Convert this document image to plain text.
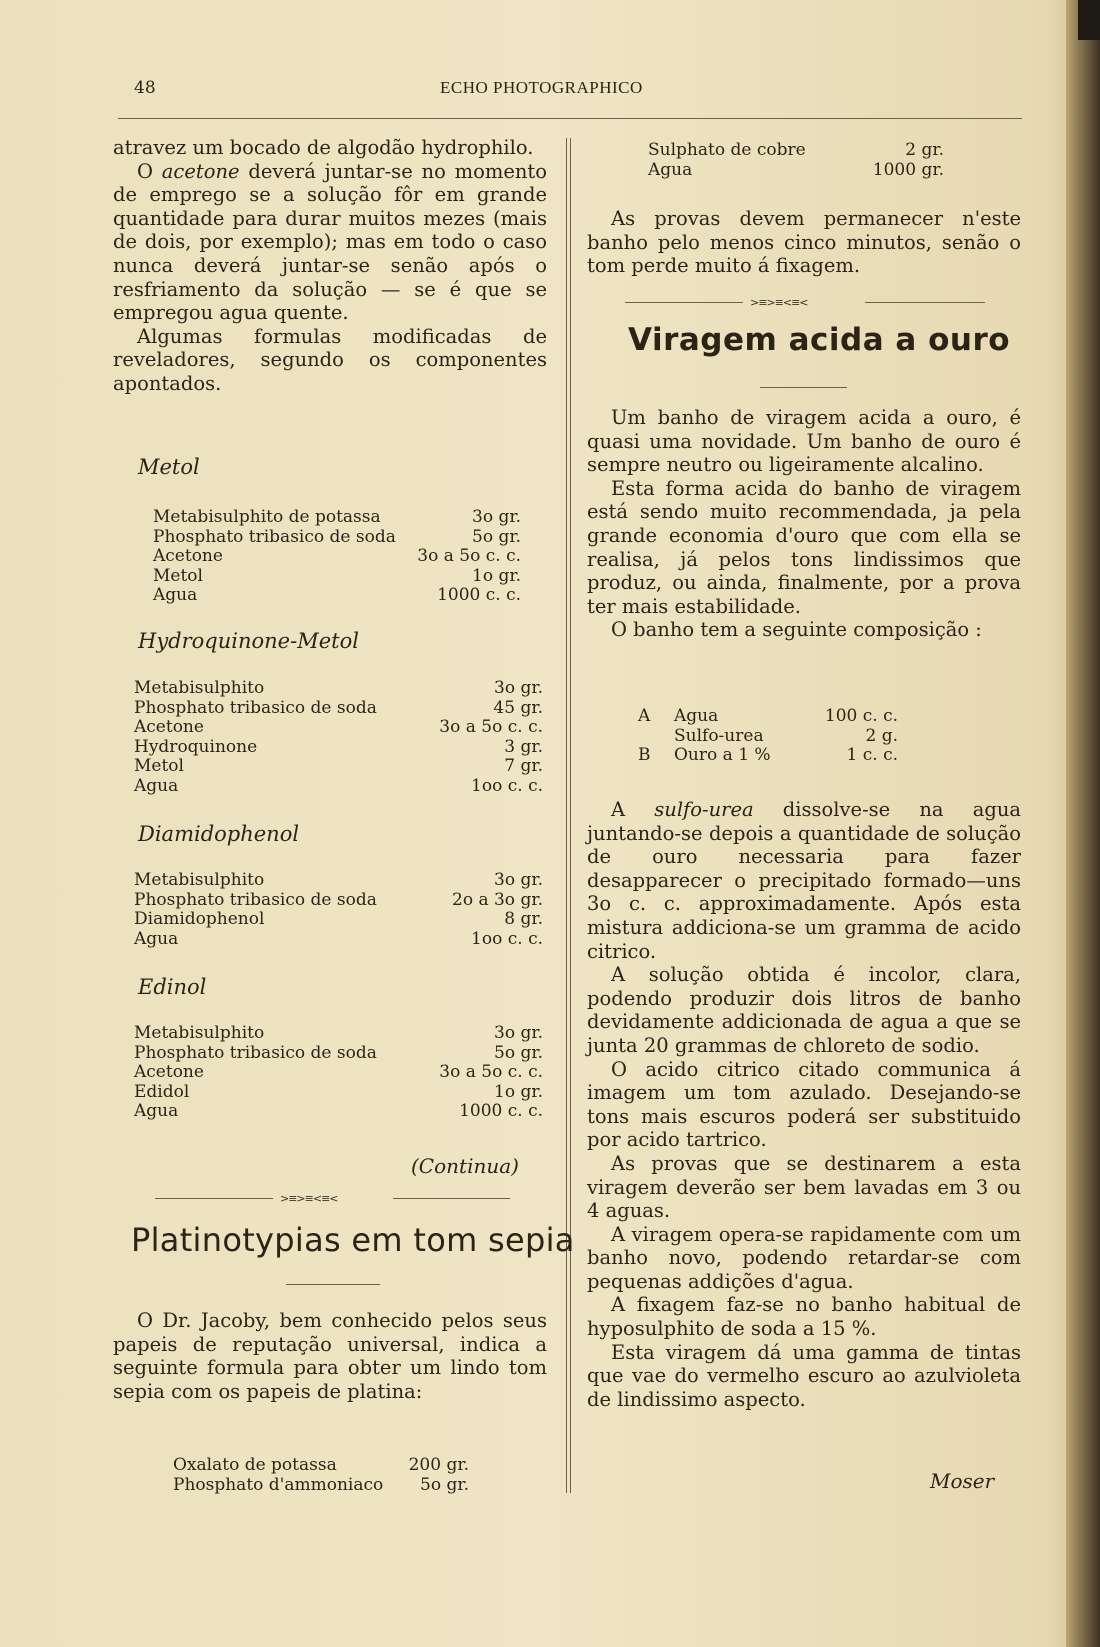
48	ECHO PHOTOGRAPHICO

atravez um bocado de algodão hydrophilo.

O acetone deverá juntar-se no momento de emprego se a solução fôr em grande quantidade para durar muitos mezes (mais de dois, por exemplo); mas em todo o caso nunca deverá juntar-se senão após o resfriamento da solução — se é que se empregou agua quente.

Algumas formulas modificadas de reveladores, segundo os componentes apontados.

Metol
Metabisulphito de potassa	3o gr.
Phosphato tribasico de soda	5o gr.
Acetone	3o a 5o c. c.
Metol	1o gr.
Agua	1000 c. c.
Hydroquinone-Metol
Metabisulphito	3o gr.
Phosphato tribasico de soda	45 gr.
Acetone	3o a 5o c. c.
Hydroquinone	3 gr.
Metol	7 gr.
Agua	1oo c. c.
Diamidophenol
Metabisulphito	3o gr.
Phosphato tribasico de soda	2o a 3o gr.
Diamidophenol	8 gr.
Agua	1oo c. c.
Edinol
Metabisulphito	3o gr.
Phosphato tribasico de soda	5o gr.
Acetone	3o a 5o c. c.
Edidol	1o gr.
Agua	1000 c. c.
(Continua)
>≡>≡<≡<
Platinotypias em tom sepia

O Dr. Jacoby, bem conhecido pelos seus papeis de reputação universal, indica a seguinte formula para obter um lindo tom sepia com os papeis de platina:

Oxalato de potassa	200 gr.
Phosphato d'ammoniaco	5o gr.
Sulphato de cobre	2 gr.
Agua	1000 gr.

As provas devem permanecer n'este banho pelo menos cinco minutos, senão o tom perde muito á fixagem.

>≡>≡<≡<
Viragem acida a ouro

Um banho de viragem acida a ouro, é quasi uma novidade. Um banho de ouro é sempre neutro ou ligeiramente alcalino.

Esta forma acida do banho de viragem está sendo muito recommendada, ja pela grande economia d'ouro que com ella se realisa, já pelos tons lindissimos que produz, ou ainda, finalmente, por a prova ter mais estabilidade.

O banho tem a seguinte composição :

A	Agua	100 c. c.
	Sulfo-urea	2 g.
B	Ouro a 1 %	1 c. c.

A sulfo-urea dissolve-se na agua juntando-se depois a quantidade de solução de ouro necessaria para fazer desapparecer o precipitado formado—uns 3o c. c. approximadamente. Após esta mistura addiciona-se um gramma de acido citrico.

A solução obtida é incolor, clara, podendo produzir dois litros de banho devidamente addicionada de agua a que se junta 20 grammas de chloreto de sodio.

O acido citrico citado communica á imagem um tom azulado. Desejando-se tons mais escuros poderá ser substituido por acido tartrico.

As provas que se destinarem a esta viragem deverão ser bem lavadas em 3 ou 4 aguas.

A viragem opera-se rapidamente com um banho novo, podendo retardar-se com pequenas addições d'agua.

A fixagem faz-se no banho habitual de hyposulphito de soda a 15 %.

Esta viragem dá uma gamma de tintas que vae do vermelho escuro ao azulvioleta de lindissimo aspecto.

Moser
